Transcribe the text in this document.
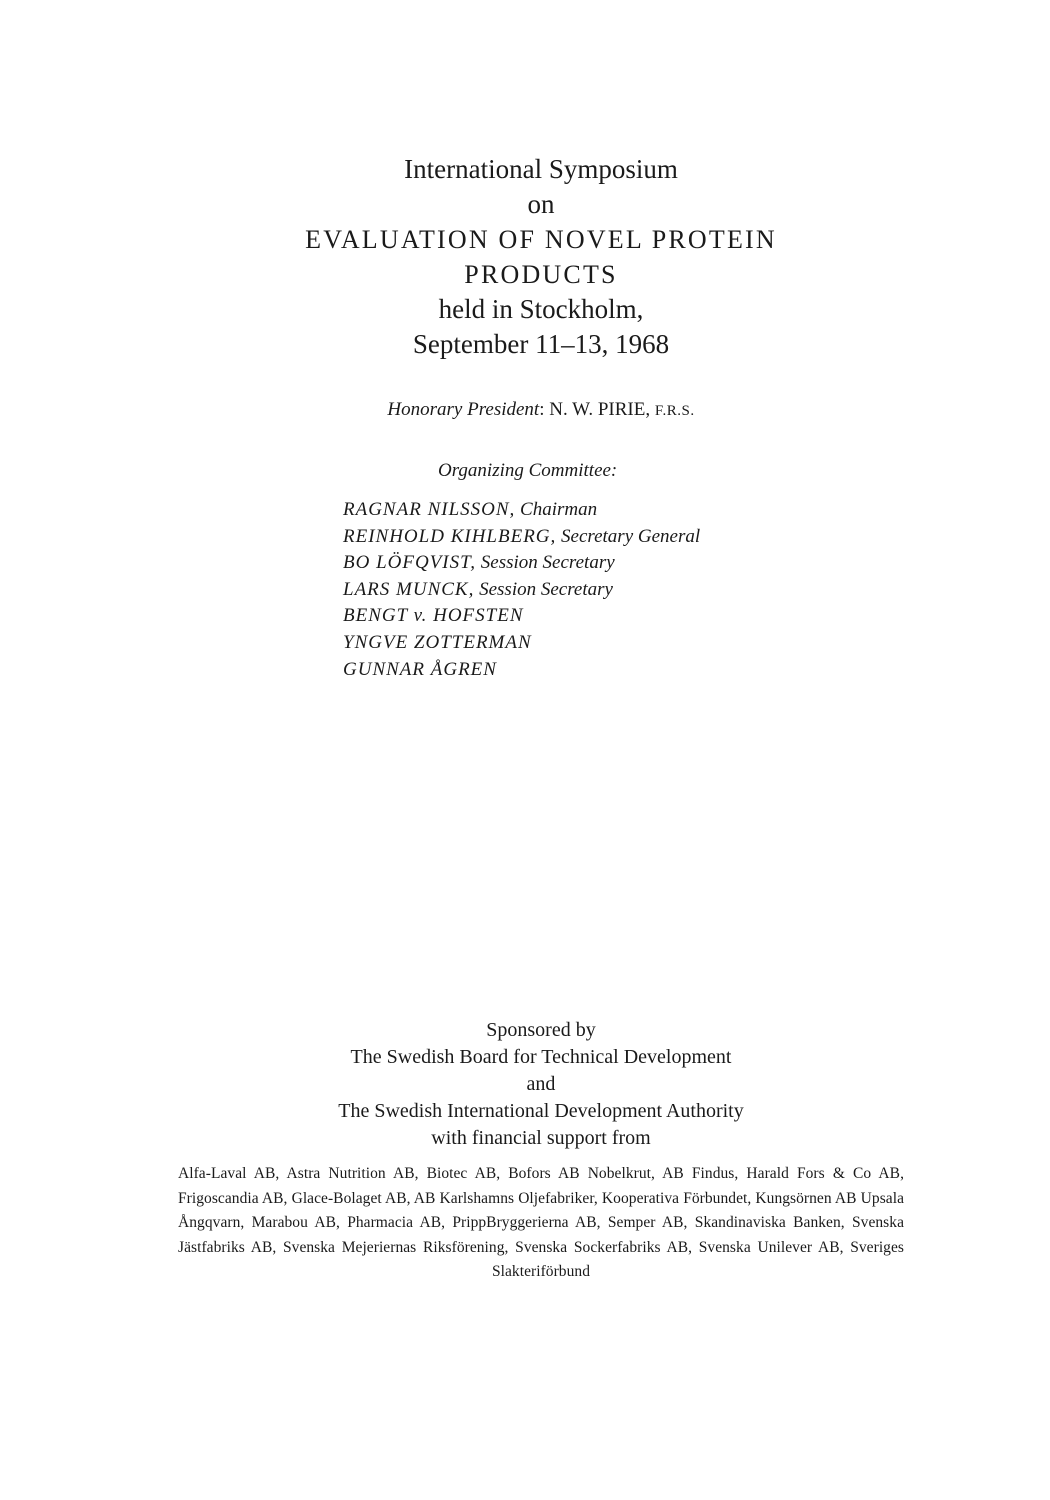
International Symposium
on
EVALUATION OF NOVEL PROTEIN
PRODUCTS
held in Stockholm,
September 11–13, 1968
Honorary President: N. W. PIRIE, F.R.S.
Organizing Committee:
RAGNAR NILSSON, Chairman
REINHOLD KIHLBERG, Secretary General
BO LÖFQVIST, Session Secretary
LARS MUNCK, Session Secretary
BENGT v. HOFSTEN
YNGVE ZOTTERMAN
GUNNAR ÅGREN
Sponsored by
The Swedish Board for Technical Development
and
The Swedish International Development Authority
with financial support from
Alfa-Laval AB, Astra Nutrition AB, Biotec AB, Bofors AB Nobelkrut, AB Findus, Harald Fors & Co AB, Frigoscandia AB, Glace-Bolaget AB, AB Karlshamns Oljefabriker, Kooperativa Förbundet, Kungsörnen AB Upsala Ångqvarn, Marabou AB, Pharmacia AB, PrippBryggerierna AB, Semper AB, Skandinaviska Banken, Svenska Jästfabriks AB, Svenska Mejeriernas Riksförening, Svenska Sockerfabriks AB, Svenska Unilever AB, Sveriges Slakteriförbund
